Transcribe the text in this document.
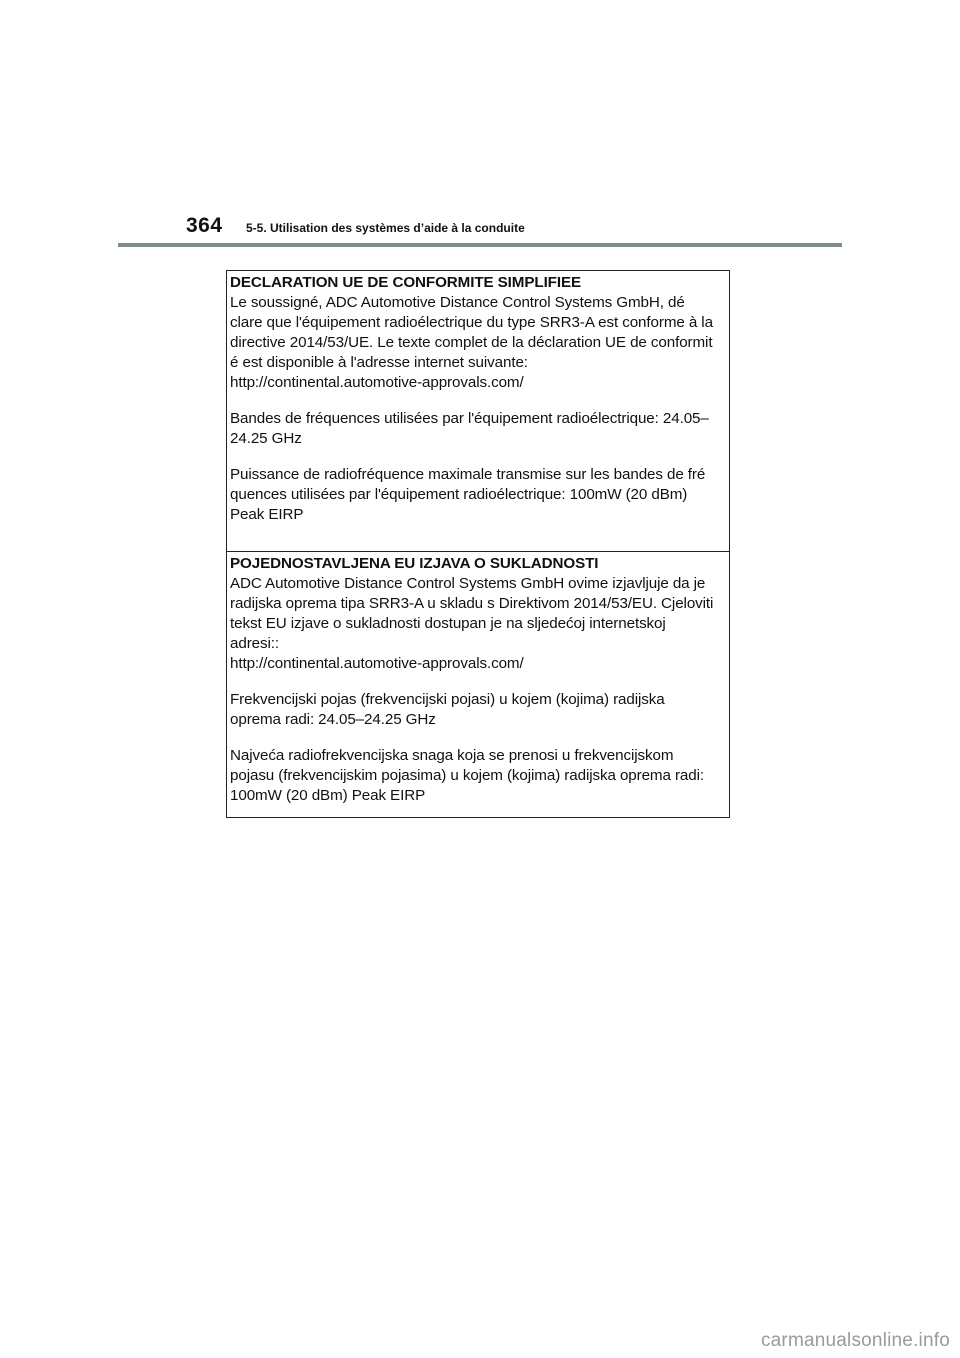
364 5-5. Utilisation des systèmes d’aide à la conduite
DECLARATION UE DE CONFORMITE SIMPLIFIEE

Le soussigné, ADC Automotive Distance Control Systems GmbH, dé
clare que l'équipement radioélectrique du type SRR3-A est conforme à la
directive 2014/53/UE. Le texte complet de la déclaration UE de conformit
é est disponible à l'adresse internet suivante:
http://continental.automotive-approvals.com/

Bandes de fréquences utilisées par l'équipement radioélectrique: 24.05–
24.25 GHz

Puissance de radiofréquence maximale transmise sur les bandes de fré
quences utilisées par l'équipement radioélectrique: 100mW (20 dBm)
Peak EIRP

POJEDNOSTAVLJENA EU IZJAVA O SUKLADNOSTI

ADC Automotive Distance Control Systems GmbH ovime izjavljuje da je
radijska oprema tipa SRR3-A u skladu s Direktivom 2014/53/EU. Cjeloviti
tekst EU izjave o sukladnosti dostupan je na sljedećoj internetskoj
adresi::
http://continental.automotive-approvals.com/

Frekvencijski pojas (frekvencijski pojasi) u kojem (kojima) radijska
oprema radi: 24.05–24.25 GHz

Najveća radiofrekvencijska snaga koja se prenosi u frekvencijskom
pojasu (frekvencijskim pojasima) u kojem (kojima) radijska oprema radi:
100mW (20 dBm) Peak EIRP

carmanualsonline.info
